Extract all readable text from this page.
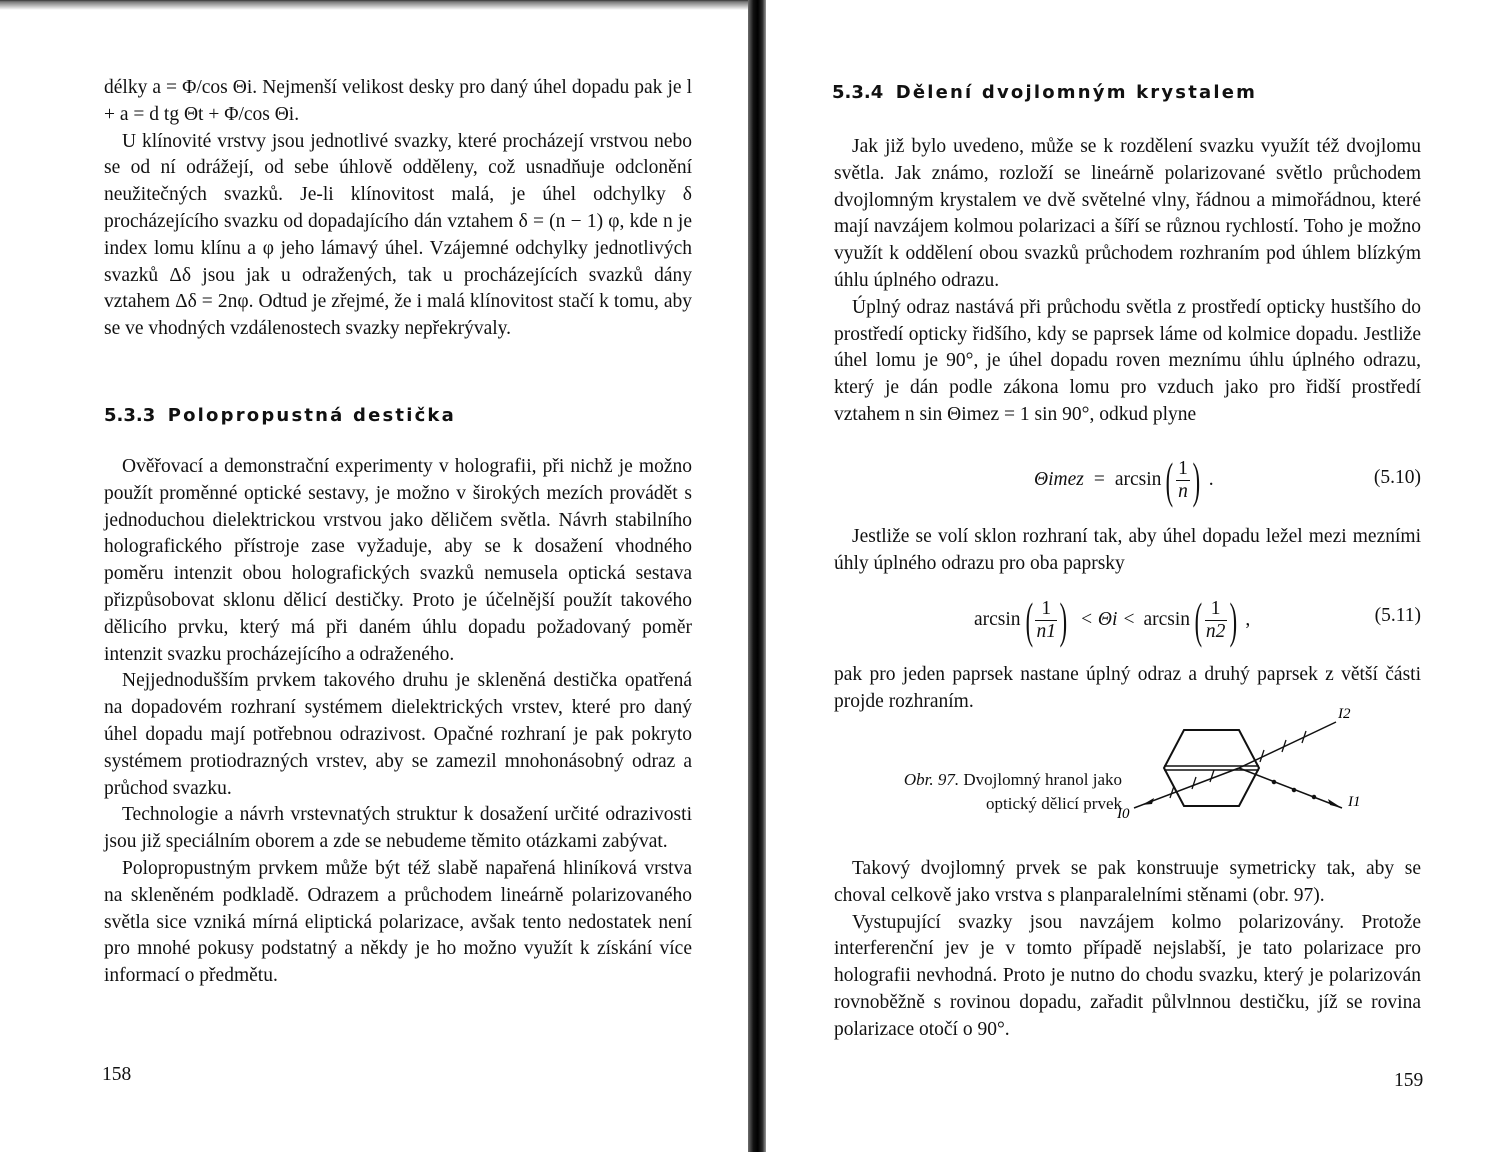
délky a = Φ/cos Θi. Nejmenší velikost desky pro daný úhel dopadu pak je l + a = d tg Θt + Φ/cos Θi.

U klínovité vrstvy jsou jednotlivé svazky, které procházejí vrstvou nebo se od ní odrážejí, od sebe úhlově odděleny, což usnadňuje odclonění neužitečných svazků. Je-li klínovitost malá, je úhel odchylky δ procházejícího svazku od dopadajícího dán vztahem δ = (n − 1) φ, kde n je index lomu klínu a φ jeho lámavý úhel. Vzájemné odchylky jednotlivých svazků Δδ jsou jak u odražených, tak u procházejících svazků dány vztahem Δδ = 2nφ. Odtud je zřejmé, že i malá klínovitost stačí k tomu, aby se ve vhodných vzdálenostech svazky nepřekrývaly.

5.3.3 Polopropustná destička

Ověřovací a demonstrační experimenty v holografii, při nichž je možno použít proměnné optické sestavy, je možno v širokých mezích provádět s jednoduchou dielektrickou vrstvou jako děličem světla. Návrh stabilního holografického přístroje zase vyžaduje, aby se k dosažení vhodného poměru intenzit obou holografických svazků nemusela optická sestava přizpůsobovat sklonu dělicí destičky. Proto je účelnější použít takového dělicího prvku, který má při daném úhlu dopadu požadovaný poměr intenzit svazku procházejícího a odraženého.

Nejjednodušším prvkem takového druhu je skleněná destička opatřená na dopadovém rozhraní systémem dielektrických vrstev, které pro daný úhel dopadu mají potřebnou odrazivost. Opačné rozhraní je pak pokryto systémem protiodrazných vrstev, aby se zamezil mnohonásobný odraz a průchod svazku.

Technologie a návrh vrstevnatých struktur k dosažení určité odrazivosti jsou již speciálním oborem a zde se nebudeme těmito otázkami zabývat.

Polopropustným prvkem může být též slabě napařená hliníková vrstva na skleněném podkladě. Odrazem a průchodem lineárně polarizovaného světla sice vzniká mírná eliptická polarizace, avšak tento nedostatek není pro mnohé pokusy podstatný a někdy je ho možno využít k získání více informací o předmětu.

158
5.3.4 Dělení dvojlomným krystalem

Jak již bylo uvedeno, může se k rozdělení svazku využít též dvojlomu světla. Jak známo, rozloží se lineárně polarizované světlo průchodem dvojlomným krystalem ve dvě světelné vlny, řádnou a mimořádnou, které mají navzájem kolmou polarizaci a šíří se různou rychlostí. Toho je možno využít k oddělení obou svazků průchodem rozhraním pod úhlem blízkým úhlu úplného odrazu.

Úplný odraz nastává při průchodu světla z prostředí opticky hustšího do prostředí opticky řidšího, kdy se paprsek láme od kolmice dopadu. Jestliže úhel lomu je 90°, je úhel dopadu roven meznímu úhlu úplného odrazu, který je dán podle zákona lomu pro vzduch jako pro řidší prostředí vztahem n sin Θimez = 1 sin 90°, odkud plyne

Θimez = arcsin ( $\frac{1}{n}$ ) .	(5.10)

Jestliže se volí sklon rozhraní tak, aby úhel dopadu ležel mezi mezními úhly úplného odrazu pro oba paprsky

arcsin ( $\frac{1}{n1}$ ) < Θi < arcsin ( $\frac{1}{n2}$ ) ,	(5.11)

pak pro jeden paprsek nastane úplný odraz a druhý paprsek z větší části projde rozhraním.

Obr. 97. Dvojlomný hranol jako optický dělicí prvek
I0
I2
I1

Takový dvojlomný prvek se pak konstruuje symetricky tak, aby se choval celkově jako vrstva s planparalelními stěnami (obr. 97).

Vystupující svazky jsou navzájem kolmo polarizovány. Protože interferenční jev je v tomto případě nejslabší, je tato polarizace pro holografii nevhodná. Proto je nutno do chodu svazku, který je polarizován rovnoběžně s rovinou dopadu, zařadit půlvlnnou destičku, jíž se rovina polarizace otočí o 90°.

159
